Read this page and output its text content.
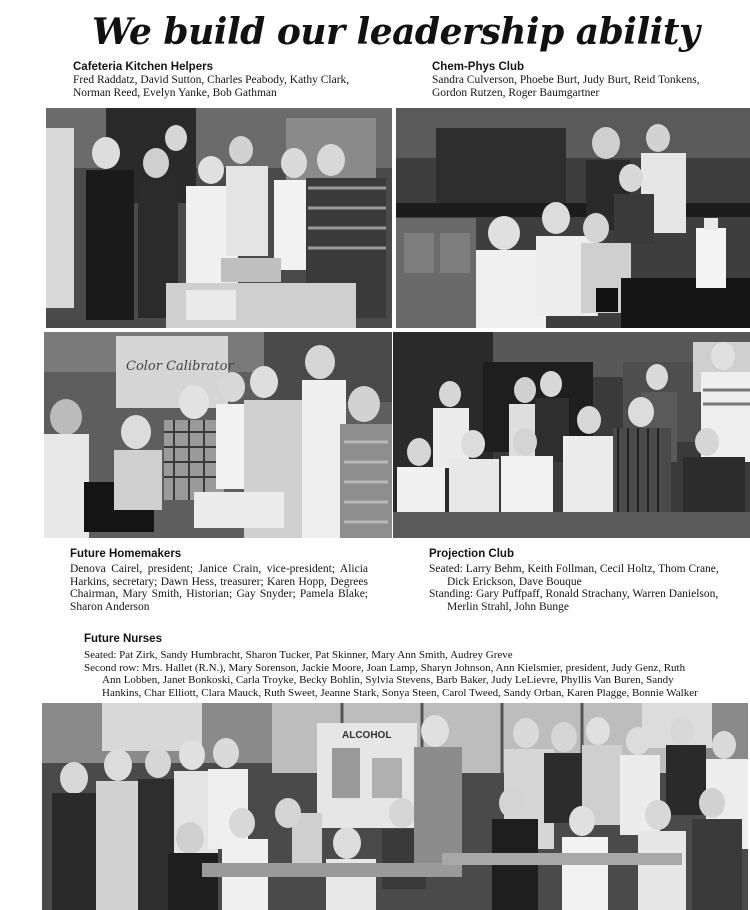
We build our leadership ability
Cafeteria Kitchen Helpers
Fred Raddatz, David Sutton, Charles Peabody, Kathy Clark,
Norman Reed, Evelyn Yanke, Bob Gathman
Chem-Phys Club
Sandra Culverson, Phoebe Burt, Judy Burt, Reid Tonkens,
Gordon Rutzen, Roger Baumgartner
Color Calibrator
Future Homemakers
Denova Cairel, president; Janice Crain, vice-president; Alicia Harkins, secretary; Dawn Hess, treasurer; Karen Hopp, Degrees Chairman, Mary Smith, Historian; Gay Snyder; Pamela Blake; Sharon Anderson
Projection Club
Seated: Larry Behm, Keith Follman, Cecil Holtz, Thom Crane,
Dick Erickson, Dave Bouque
Standing: Gary Puffpaff, Ronald Strachany, Warren Danielson,
Merlin Strahl, John Bunge
Future Nurses
Seated: Pat Zirk, Sandy Humbracht, Sharon Tucker, Pat Skinner, Mary Ann Smith, Audrey Greve
Second row: Mrs. Hallet (R.N.), Mary Sorenson, Jackie Moore, Joan Lamp, Sharyn Johnson, Ann Kielsmier, president, Judy Genz, Ruth
Ann Lobben, Janet Bonkoski, Carla Troyke, Becky Bohlin, Sylvia Stevens, Barb Baker, Judy LeLievre, Phyllis Van Buren, Sandy
Hankins, Char Elliott, Clara Mauck, Ruth Sweet, Jeanne Stark, Sonya Steen, Carol Tweed, Sandy Orban, Karen Plagge, Bonnie Walker
ALCOHOL
